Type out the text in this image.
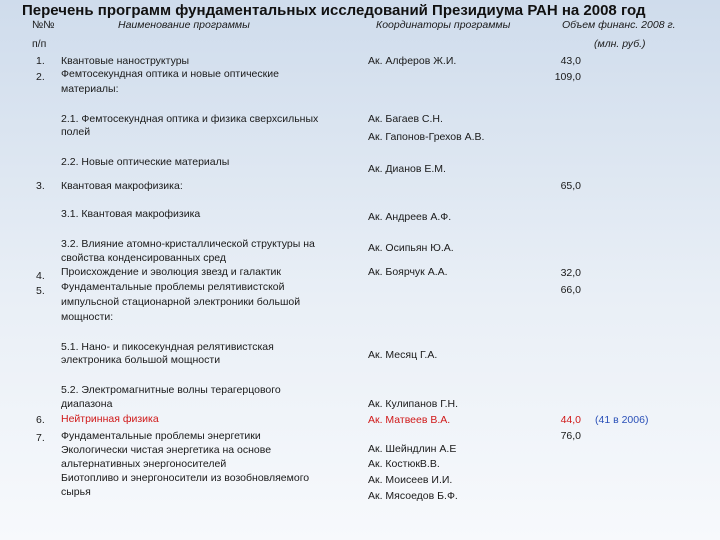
Перечень программ фундаментальных исследований Президиума РАН на 2008 год
№№
п/п
Наименование программы	Координаторы программы	Объем финанс. 2008 г.
(млн. руб.)
1.
2.
3.
4.
5.
6.
7.
Квантовые наноструктуры
Фемтосекундная оптика и новые оптические
материалы:
2.1. Фемтосекундная оптика и физика сверхсильных
полей
2.2. Новые оптические материалы
Квантовая макрофизика:
3.1. Квантовая макрофизика
3.2. Влияние атомно-кристаллической структуры на
свойства конденсированных сред
Происхождение и эволюция звезд и галактик
Фундаментальные проблемы релятивистской
импульсной стационарной электроники большой
мощности:
5.1. Нано- и пикосекундная релятивистская
электроника большой мощности
5.2. Электромагнитные волны терагерцового
диапазона
Нейтринная физика
Фундаментальные проблемы энергетики
Экологически чистая энергетика на основе
альтернативных энергоносителей
Биотопливо и энергоносители из возобновляемого
сырья
Ак. Алферов Ж.И.
Ак. Багаев С.Н.
Ак. Гапонов-Грехов А.В.
Ак. Дианов Е.М.
Ак. Андреев А.Ф.
Ак. Осипьян Ю.А.
Ак. Боярчук А.А.
Ак. Месяц Г.А.
Ак. Кулипанов Г.Н.
Ак. Матвеев В.А.
Ак. Шейндлин А.Е
Ак. КостюкВ.В.
Ак. Моисеев И.И.
Ак. Мясоедов Б.Ф.
43,0
109,0
65,0
32,0
66,0
44,0 (41 в 2006)
76,0
